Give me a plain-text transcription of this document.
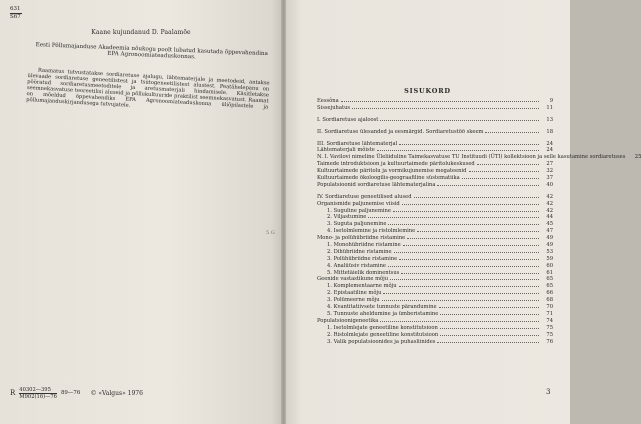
631
S67
Kaane kujundanud D. Paalamõe
Eesti Põllumajanduse Akadeemia nõukogu poolt lubatud kasutada õppevahendina EPA Agronoomiateaduskonnas.
Raamatus tutvustatakse sordiaretuse ajalugu, lähtematerjale ja meetodeid, antakse ülevaade sordiaretuse geneetilistest ja tsütogeneetilistest alustest. Peatähelepanu on pööratud sordiaretusmeetoditele ja aretusmaterjali hindamisele. Käsitletakse seemnekasvatuse teoreetilisi aluseid ja põllukultuuride praktilist seemnekasvatust. Raamat on mõeldud õppevahendiks EPA Agronoomiateaduskonna üliõpilastele ja põllumajanduskirjandusega tutvujatele.
R $\frac{40302—395}{M902(16)—76}$ 89—76 © «Valgus» 1976
5 G
SISUKORD
Eessõna	9
Sissejuhatus	11
I. Sordiaretuse ajaloost	13
II. Sordiaretuse ülesanded ja eesmärgid. Sordiaretustöö skeem	18
III. Sordiaretuse lähtematerjal	24
Lähtematerjali mõiste	24
N. I. Vavilovi nimeline Üleliiduline Taimekasvatuse TU Instituudi (ÜTI) kollektsioon ja selle kasutamine sordiaretuses	25
Taimede introduktsioon ja kultuurtaimede päritolukeskused	27
Kultuurtaimede päritolu ja vormikujunemise megateenid	32
Kultuurtaimede ökoloogilis-geograafiline süstematiika	37
Populatsioonid sordiaretuse lähtematerjalina	40
IV. Sordiaretuse geneetilised alused	42
Organismide paljunemise viisid	42
1. Suguline paljunemine	42
2. Viljastumine	44
3. Suguta paljunemine	45
4. Isetolmlemine ja ristolmlemine	47
Mono- ja polühübriidne ristamine	49
1. Monohübriidne ristamine	49
2. Dihübriidne ristamine	53
3. Polühübriidne ristamine	59
4. Analüüsiv ristamine	60
5. Mittetäielik dominentsus	61
Geenide vastastikune mõju	65
1. Komplementaarne mõju	65
2. Epistaatiline mõju	66
3. Polümeerne mõju	68
4. Kvantitatiivsete tunnuste pärandumine	70
5. Tunnuste aheldumine ja ümberistamine	71
Populatsioonigeneetika	74
1. Isetolmlejate geneetiline konstitutsioon	75
2. Ristolmlejate geneetiline konstitutsioon	75
3. Valik populatsioonides ja puhasliinides	76
3
